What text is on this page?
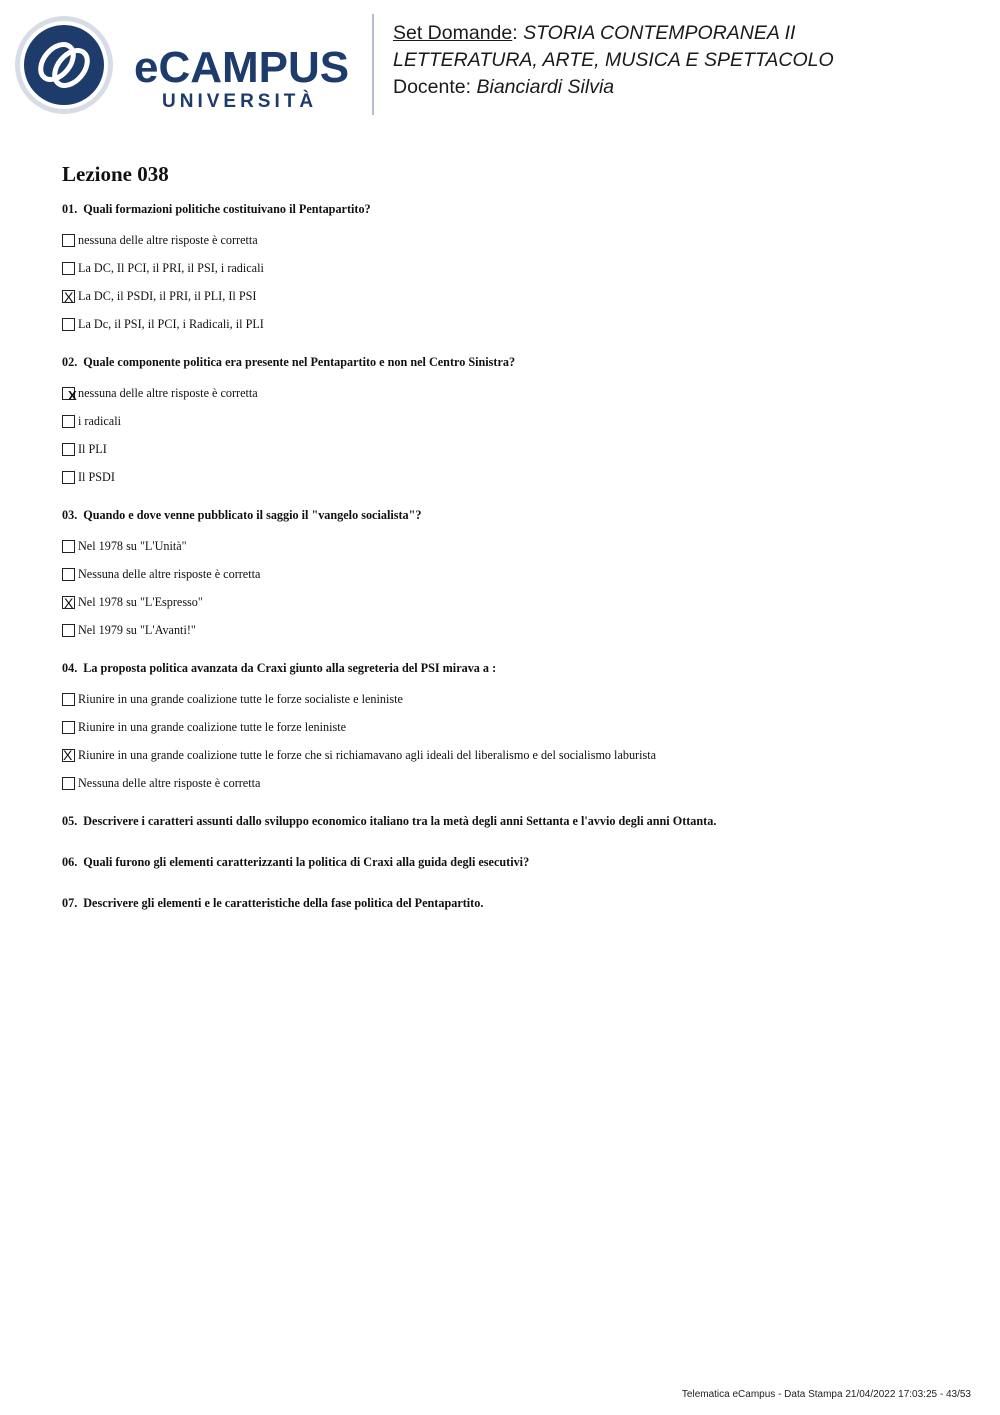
eCAMPUS
UNIVERSITÀ
Set Domande: STORIA CONTEMPORANEA II
LETTERATURA, ARTE, MUSICA E SPETTACOLO
Docente: Bianciardi Silvia
Lezione 038
01. Quali formazioni politiche costituivano il Pentapartito?
nessuna delle altre risposte è corretta
La DC, Il PCI, il PRI, il PSI, i radicali
X La DC, il PSDI, il PRI, il PLI, Il PSI
La Dc, il PSI, il PCI, i Radicali, il PLI
02. Quale componente politica era presente nel Pentapartito e non nel Centro Sinistra?
X nessuna delle altre risposte è corretta
i radicali
Il PLI
Il PSDI
03. Quando e dove venne pubblicato il saggio il "vangelo socialista"?
Nel 1978 su "L'Unità"
Nessuna delle altre risposte è corretta
X Nel 1978 su "L'Espresso"
Nel 1979 su "L'Avanti!"
04. La proposta politica avanzata da Craxi giunto alla segreteria del PSI mirava a :
Riunire in una grande coalizione tutte le forze socialiste e leniniste
Riunire in una grande coalizione tutte le forze leniniste
X Riunire in una grande coalizione tutte le forze che si richiamavano agli ideali del liberalismo e del socialismo laburista
Nessuna delle altre risposte è corretta
05. Descrivere i caratteri assunti dallo sviluppo economico italiano tra la metà degli anni Settanta e l'avvio degli anni Ottanta.
06. Quali furono gli elementi caratterizzanti la politica di Craxi alla guida degli esecutivi?
07. Descrivere gli elementi e le caratteristiche della fase politica del Pentapartito.
Telematica eCampus - Data Stampa 21/04/2022 17:03:25 - 43/53
